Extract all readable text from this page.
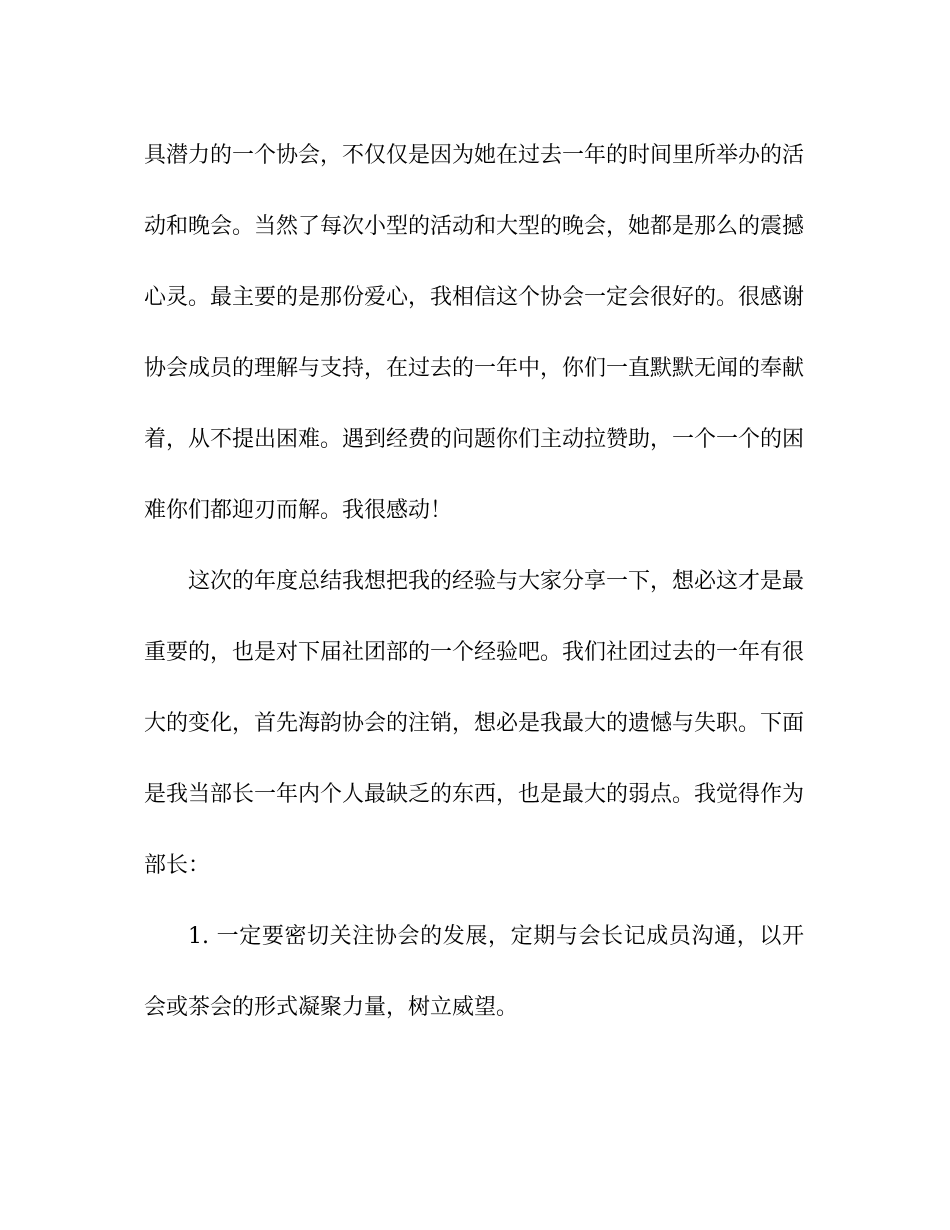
具潜力的一个协会，不仅仅是因为她在过去一年的时间里所举办的活动和晚会。当然了每次小型的活动和大型的晚会，她都是那么的震撼心灵。最主要的是那份爱心，我相信这个协会一定会很好的。很感谢协会成员的理解与支持，在过去的一年中，你们一直默默无闻的奉献着，从不提出困难。遇到经费的问题你们主动拉赞助，一个一个的困难你们都迎刃而解。我很感动！

这次的年度总结我想把我的经验与大家分享一下，想必这才是最重要的，也是对下届社团部的一个经验吧。我们社团过去的一年有很大的变化，首先海韵协会的注销，想必是我最大的遗憾与失职。下面是我当部长一年内个人最缺乏的东西，也是最大的弱点。我觉得作为部长：

1. 一定要密切关注协会的发展，定期与会长记成员沟通，以开会或茶会的形式凝聚力量，树立威望。
